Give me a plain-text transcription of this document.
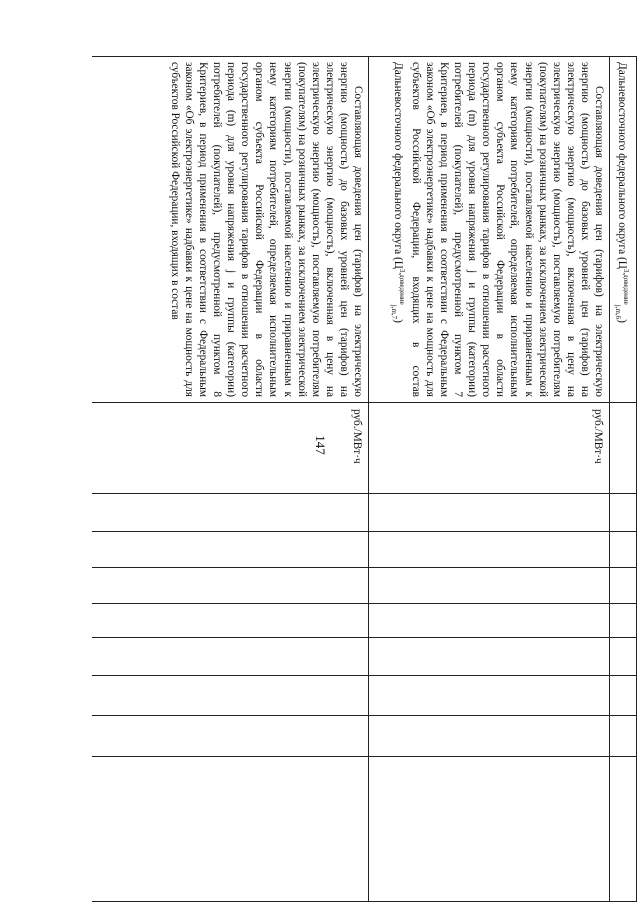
147
Дальневосточного федерального округа $(Ц^{3,доведение}_{j,m,6})$
руб./МВт·ч
руб./МВт·ч
Составляющая доведения цен (тарифов) на электрическую энергию (мощность) до базовых уровней цен (тарифов) на электрическую энергию (мощность), включенная в цену на электрическую энергию (мощность), поставляемую потребителям (покупателям) на розничных рынках, за исключением электрической энергии (мощности), поставляемой населению и приравненным к нему категориям потребителей, определяемая исполнительным органом субъекта Российской Федерации в области государственного регулирования тарифов в отношении расчетного периода (m) для уровня напряжения j и группы (категории) потребителей (покупателей), предусмотренной пунктом 7 Критериев, в период применения в соответствии с Федеральным законом «Об электроэнергетике» надбавки к цене на мощность для субъектов Российской Федерации, входящих в состав Дальневосточного федерального округа $(Ц^{3,доведение}_{j,m,7})$
Составляющая доведения цен (тарифов) на электрическую энергию (мощность) до базовых уровней цен (тарифов) на электрическую энергию (мощность), включенная в цену на электрическую энергию (мощность), поставляемую потребителям (покупателям) на розничных рынках, за исключением электрической энергии (мощности), поставляемой населению и приравненным к нему категориям потребителей, определяемая исполнительным органом субъекта Российской Федерации в области государственного регулирования тарифов в отношении расчетного периода (m) для уровня напряжения j и группы (категории) потребителей (покупателей), предусмотренной пунктом 8 Критериев, в период применения в соответствии с Федеральным законом «Об электроэнергетике» надбавки к цене на мощность для субъектов Российской Федерации, входящих в состав
